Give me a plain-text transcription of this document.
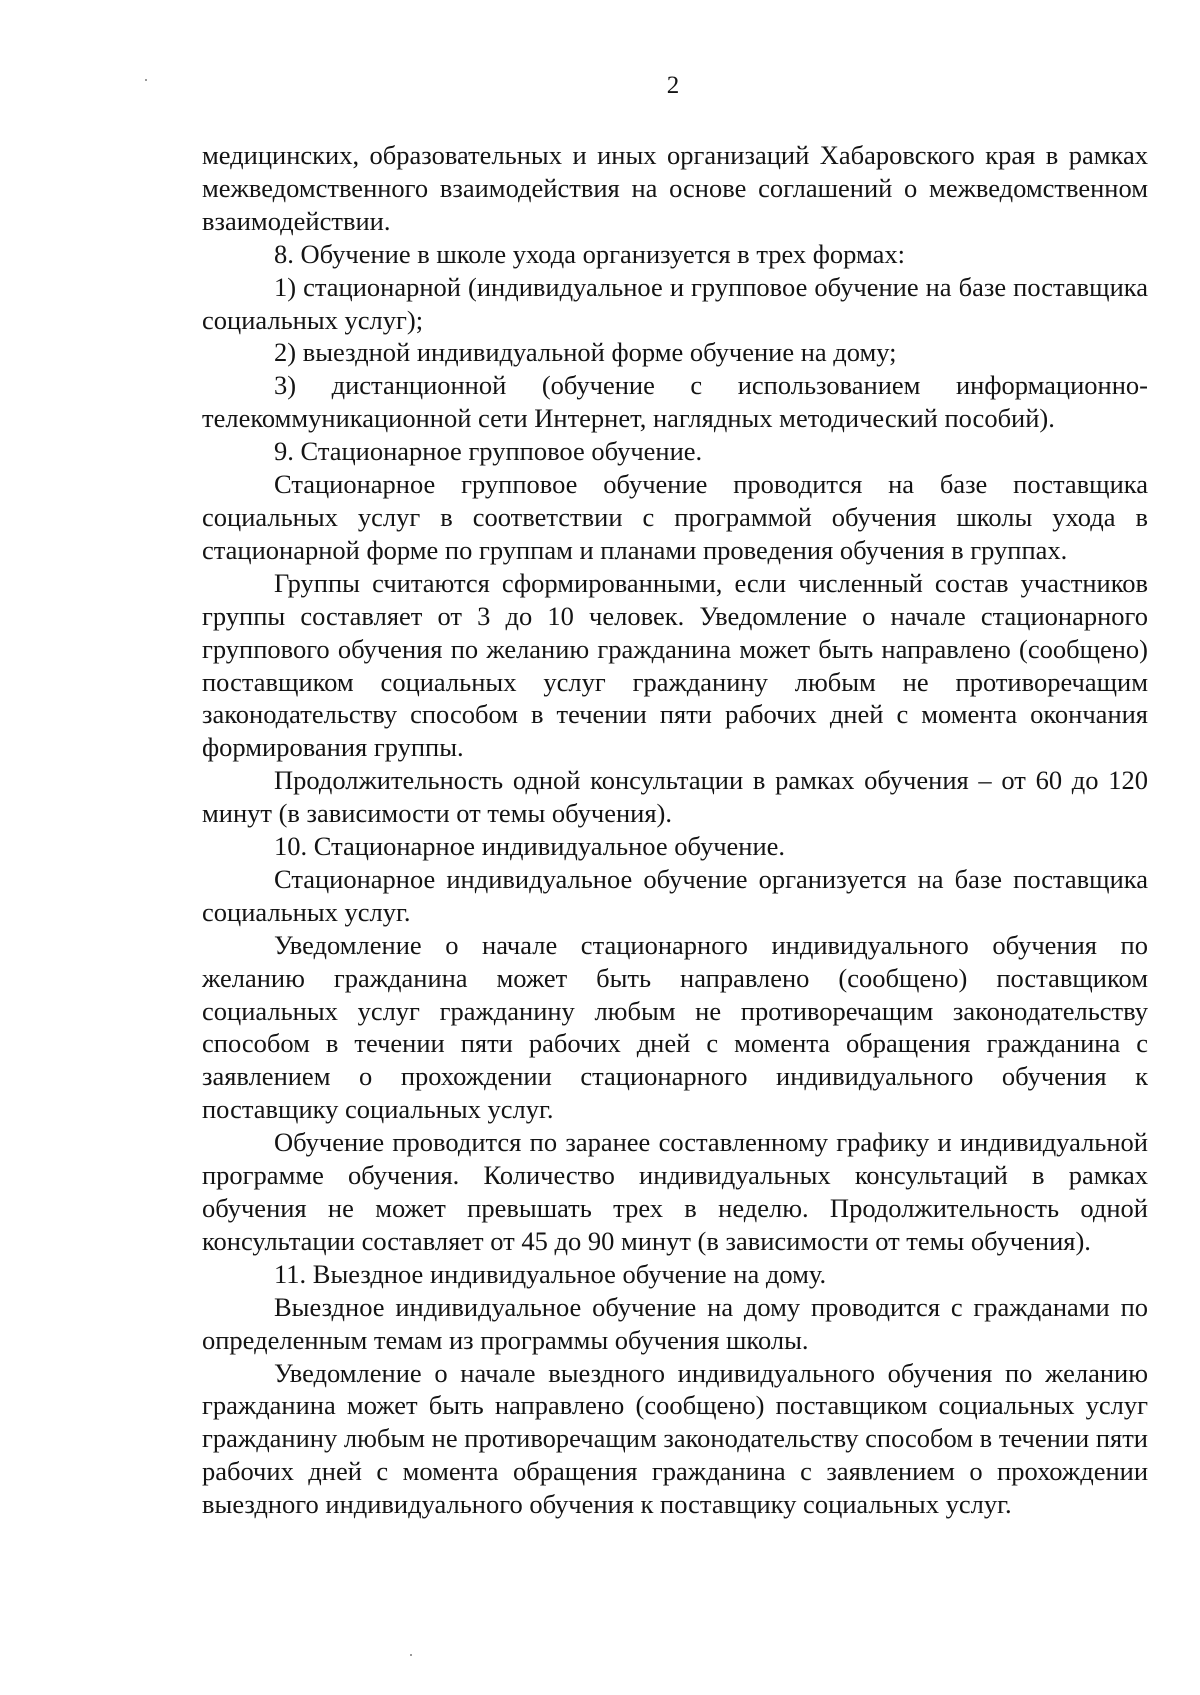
2

медицинских, образовательных и иных организаций Хабаровского края в рамках межведомственного взаимодействия на основе соглашений о межведомственном взаимодействии.

8. Обучение в школе ухода организуется в трех формах:

1) стационарной (индивидуальное и групповое обучение на базе поставщика социальных услуг);

2) выездной индивидуальной форме обучение на дому;

3) дистанционной (обучение с использованием информационно-телекоммуникационной сети Интернет, наглядных методический пособий).

9. Стационарное групповое обучение.

Стационарное групповое обучение проводится на базе поставщика социальных услуг в соответствии с программой обучения школы ухода в стационарной форме по группам и планами проведения обучения в группах.

Группы считаются сформированными, если численный состав участников группы составляет от 3 до 10 человек. Уведомление о начале стационарного группового обучения по желанию гражданина может быть направлено (сообщено) поставщиком социальных услуг гражданину любым не противоречащим законодательству способом в течении пяти рабочих дней с момента окончания формирования группы.

Продолжительность одной консультации в рамках обучения – от 60 до 120 минут (в зависимости от темы обучения).

10. Стационарное индивидуальное обучение.

Стационарное индивидуальное обучение организуется на базе поставщика социальных услуг.

Уведомление о начале стационарного индивидуального обучения по желанию гражданина может быть направлено (сообщено) поставщиком социальных услуг гражданину любым не противоречащим законодательству способом в течении пяти рабочих дней с момента обращения гражданина с заявлением о прохождении стационарного индивидуального обучения к поставщику социальных услуг.

Обучение проводится по заранее составленному графику и индивидуальной программе обучения. Количество индивидуальных консультаций в рамках обучения не может превышать трех в неделю. Продолжительность одной консультации составляет от 45 до 90 минут (в зависимости от темы обучения).

11. Выездное индивидуальное обучение на дому.

Выездное индивидуальное обучение на дому проводится с гражданами по определенным темам из программы обучения школы.

Уведомление о начале выездного индивидуального обучения по желанию гражданина может быть направлено (сообщено) поставщиком социальных услуг гражданину любым не противоречащим законодательству способом в течении пяти рабочих дней с момента обращения гражданина с заявлением о прохождении выездного индивидуального обучения к поставщику социальных услуг.
